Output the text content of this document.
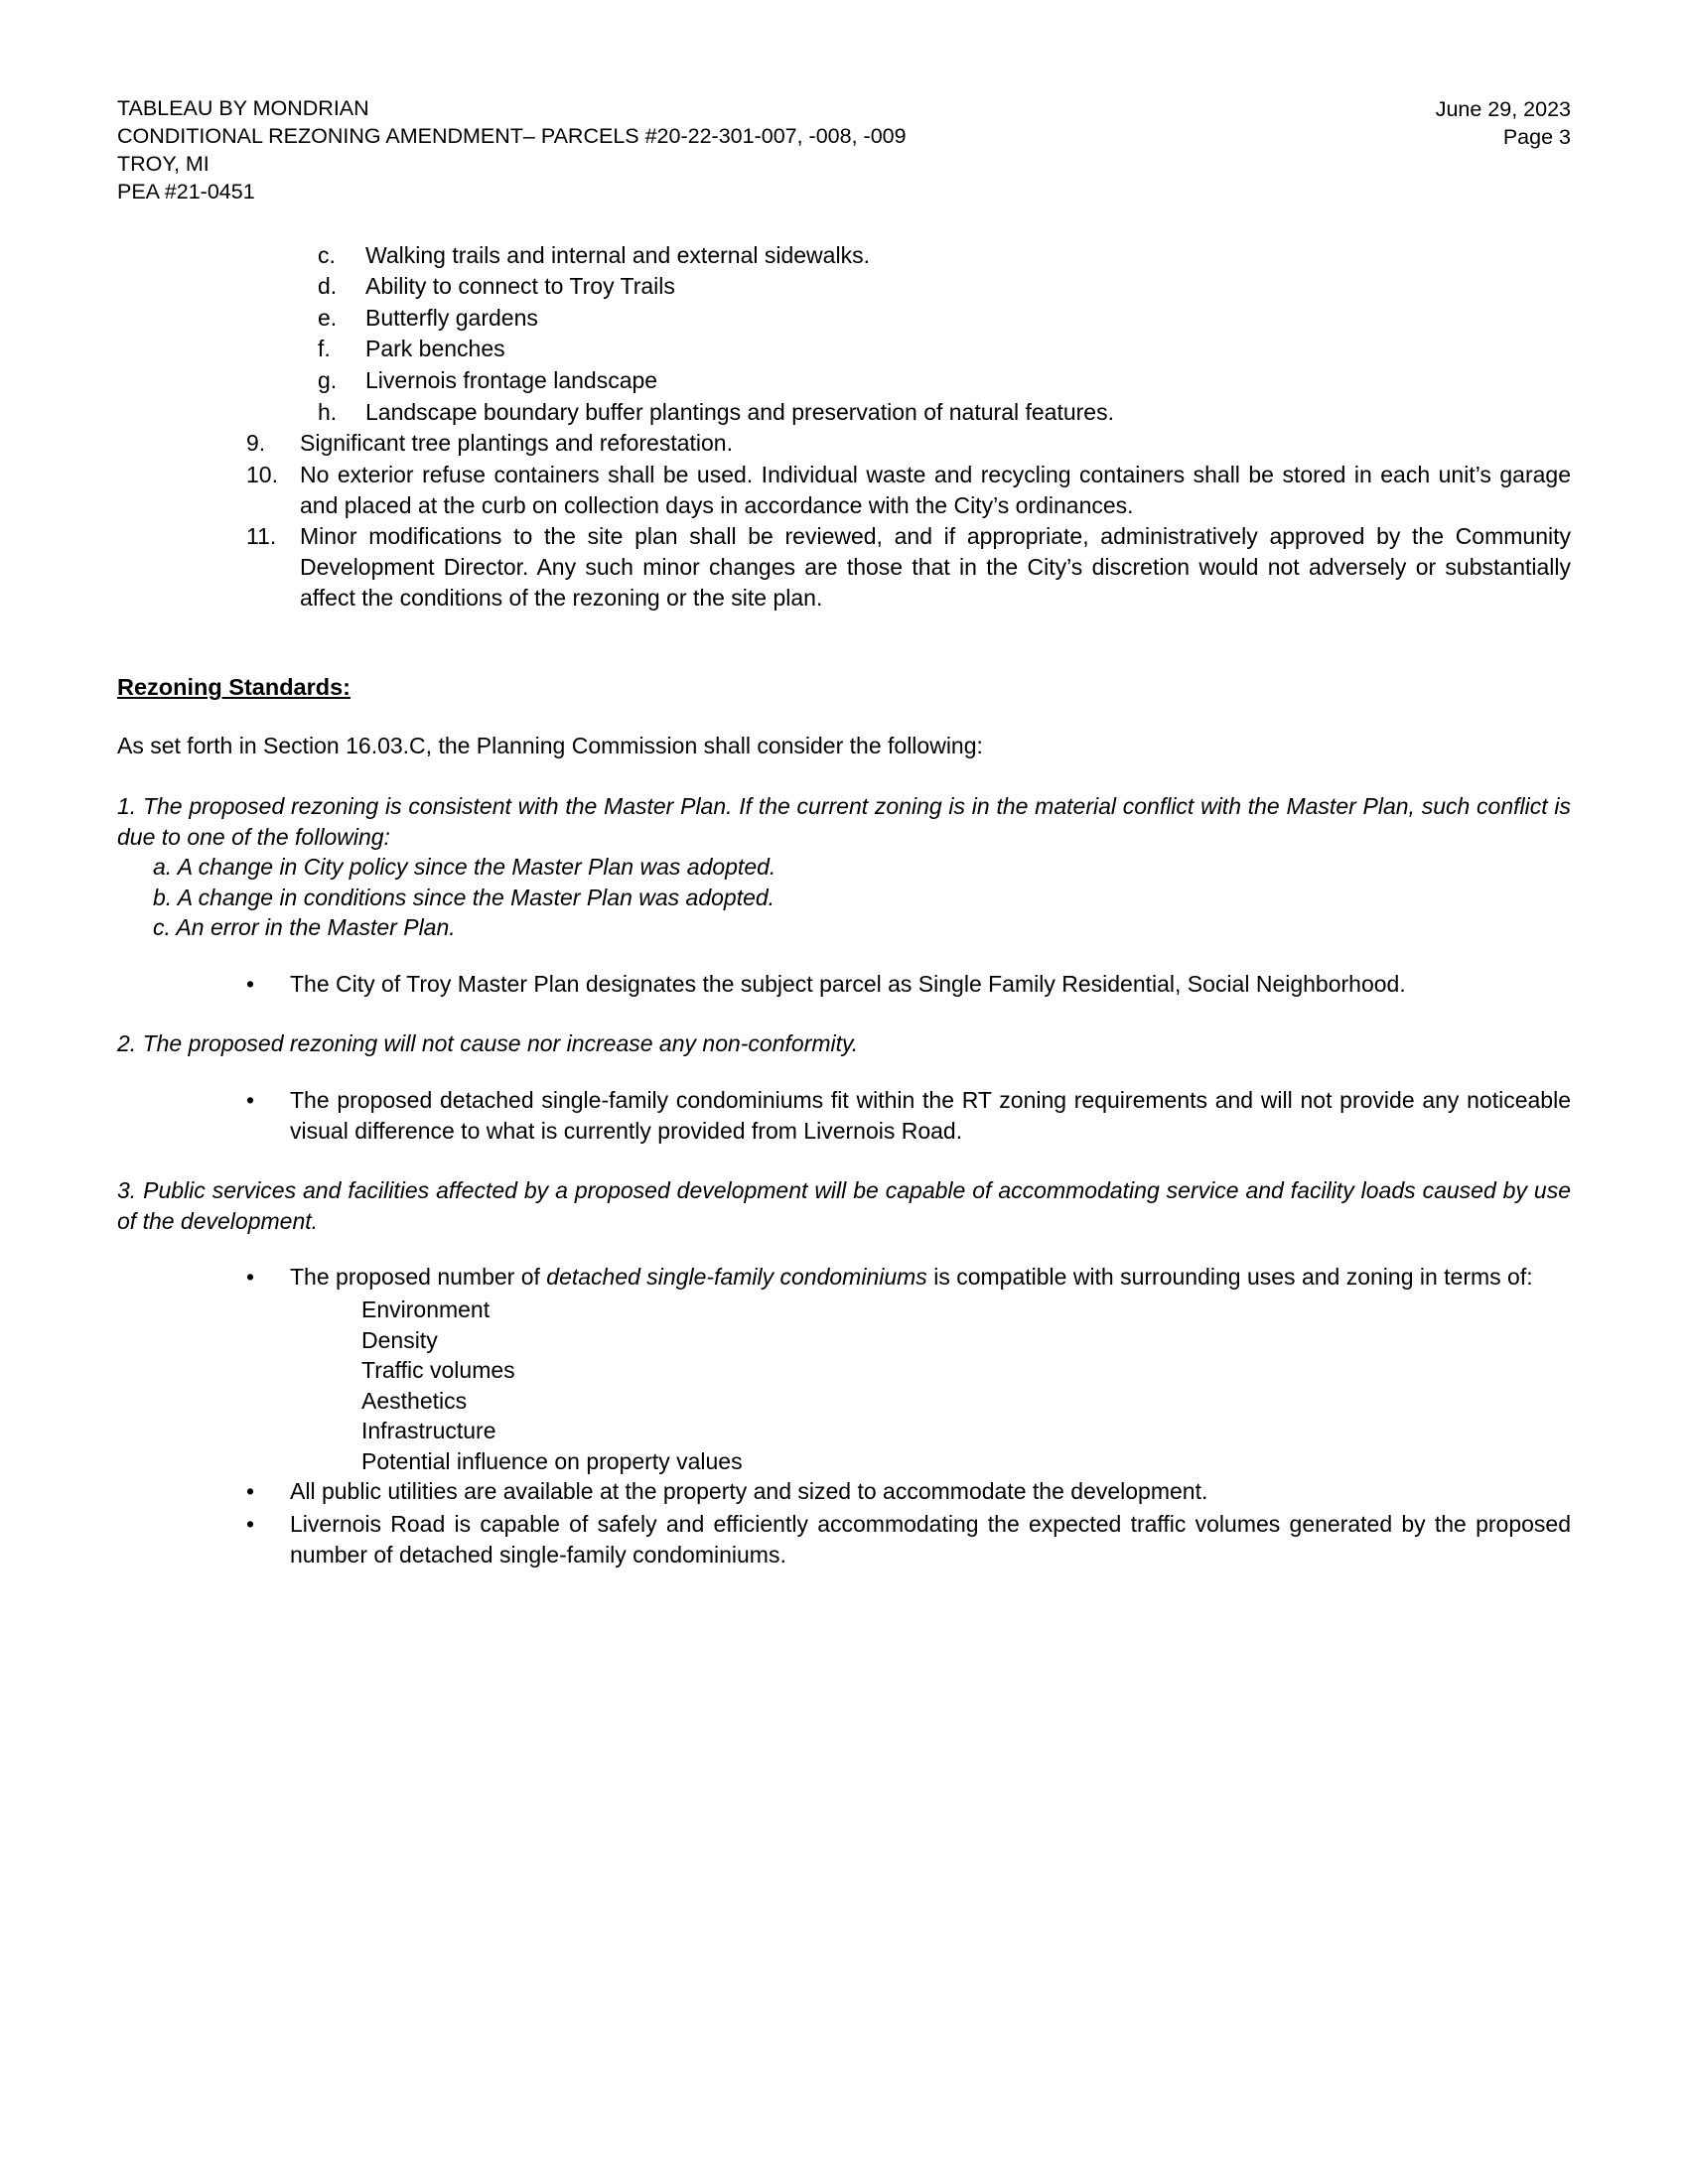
TABLEAU BY MONDRIAN
CONDITIONAL REZONING AMENDMENT– PARCELS #20-22-301-007, -008, -009
TROY, MI
PEA #21-0451
June 29, 2023
Page 3
c.	Walking trails and internal and external sidewalks.
d.	Ability to connect to Troy Trails
e.	Butterfly gardens
f.	Park benches
g.	Livernois frontage landscape
h.	Landscape boundary buffer plantings and preservation of natural features.
9.	Significant tree plantings and reforestation.
10. No exterior refuse containers shall be used. Individual waste and recycling containers shall be stored in each unit’s garage and placed at the curb on collection days in accordance with the City’s ordinances.
11.	Minor modifications to the site plan shall be reviewed, and if appropriate, administratively approved by the Community Development Director. Any such minor changes are those that in the City’s discretion would not adversely or substantially affect the conditions of the rezoning or the site plan.
Rezoning Standards:
As set forth in Section 16.03.C, the Planning Commission shall consider the following:
1. The proposed rezoning is consistent with the Master Plan. If the current zoning is in the material conflict with the Master Plan, such conflict is due to one of the following:
a. A change in City policy since the Master Plan was adopted.
b. A change in conditions since the Master Plan was adopted.
c. An error in the Master Plan.
•	The City of Troy Master Plan designates the subject parcel as Single Family Residential, Social Neighborhood.
2. The proposed rezoning will not cause nor increase any non-conformity.
•	The proposed detached single-family condominiums fit within the RT zoning requirements and will not provide any noticeable visual difference to what is currently provided from Livernois Road.
3. Public services and facilities affected by a proposed development will be capable of accommodating service and facility loads caused by use of the development.
•	The proposed number of detached single-family condominiums is compatible with surrounding uses and zoning in terms of:
Environment
Density
Traffic volumes
Aesthetics
Infrastructure
Potential influence on property values
•	All public utilities are available at the property and sized to accommodate the development.
•	Livernois Road is capable of safely and efficiently accommodating the expected traffic volumes generated by the proposed number of detached single-family condominiums.
